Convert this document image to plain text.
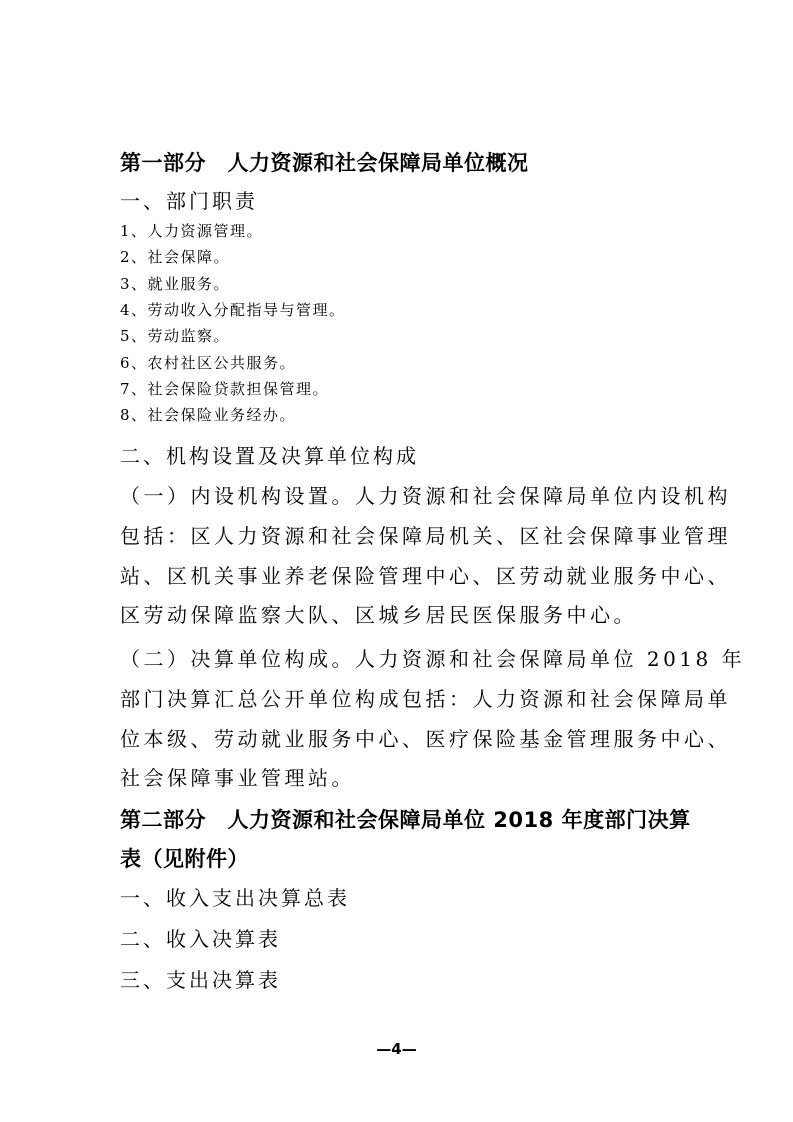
第一部分　人力资源和社会保障局单位概况
一、部门职责
1、人力资源管理。
2、社会保障。
3、就业服务。
4、劳动收入分配指导与管理。
5、劳动监察。
6、农村社区公共服务。
7、社会保险贷款担保管理。
8、社会保险业务经办。
二、机构设置及决算单位构成
（一）内设机构设置。人力资源和社会保障局单位内设机构
包括：区人力资源和社会保障局机关、区社会保障事业管理
站、区机关事业养老保险管理中心、区劳动就业服务中心、
区劳动保障监察大队、区城乡居民医保服务中心。
（二）决算单位构成。人力资源和社会保障局单位 2018 年
部门决算汇总公开单位构成包括：人力资源和社会保障局单
位本级、劳动就业服务中心、医疗保险基金管理服务中心、
社会保障事业管理站。
第二部分　人力资源和社会保障局单位 2018 年度部门决算
表（见附件）
一、收入支出决算总表
二、收入决算表
三、支出决算表
—4—
